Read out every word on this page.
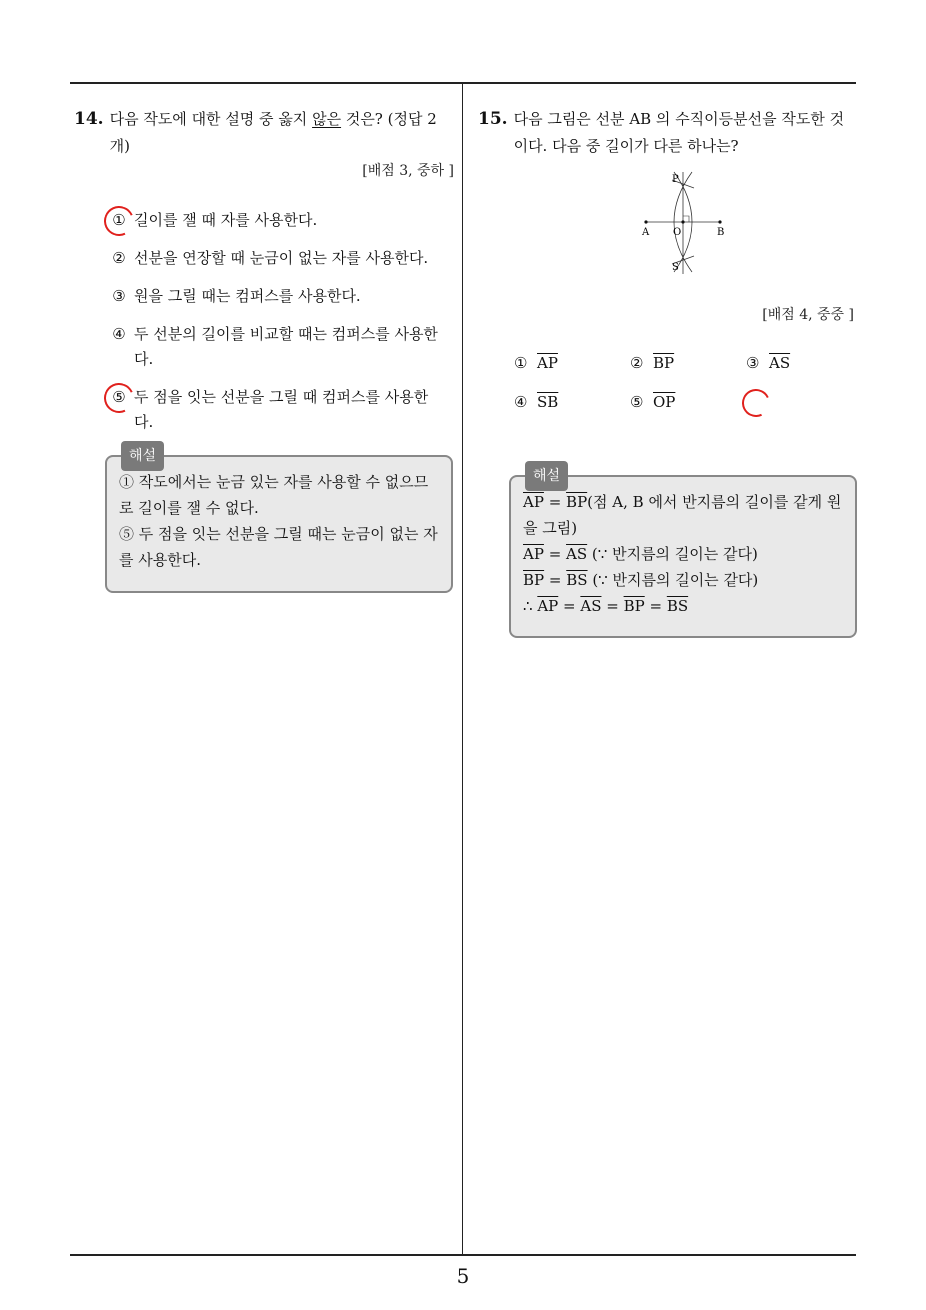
5
14. 다음 작도에 대한 설명 중 옳지 않은 것은? (정답 2개)
[배점 3, 중하 ]
① 길이를 잴 때 자를 사용한다.
② 선분을 연장할 때 눈금이 없는 자를 사용한다.
③ 원을 그릴 때는 컴퍼스를 사용한다.
④ 두 선분의 길이를 비교할 때는 컴퍼스를 사용한다.
⑤ 두 점을 잇는 선분을 그릴 때 컴퍼스를 사용한다.
해설
① 작도에서는 눈금 있는 자를 사용할 수 없으므로 길이를 잴 수 없다.
⑤ 두 점을 잇는 선분을 그릴 때는 눈금이 없는 자를 사용한다.
15. 다음 그림은 선분 AB 의 수직이등분선을 작도한 것이다. 다음 중 길이가 다른 하나는?
P
A O	B
S
[배점 4, 중중 ]
① $\overline{AP}$	② $\overline{BP}$	③ $\overline{AS}$
④ $\overline{SB}$	⑤ $\overline{OP}$
해설
$\overline{AP} = \overline{BP}$(점 A, B 에서 반지름의 길이를 같게 원을 그림)
$\overline{AP} = \overline{AS}$ (∵ 반지름의 길이는 같다)
$\overline{BP} = \overline{BS}$ (∵ 반지름의 길이는 같다)
∴ $\overline{AP} = \overline{AS} = \overline{BP} = \overline{BS}$
